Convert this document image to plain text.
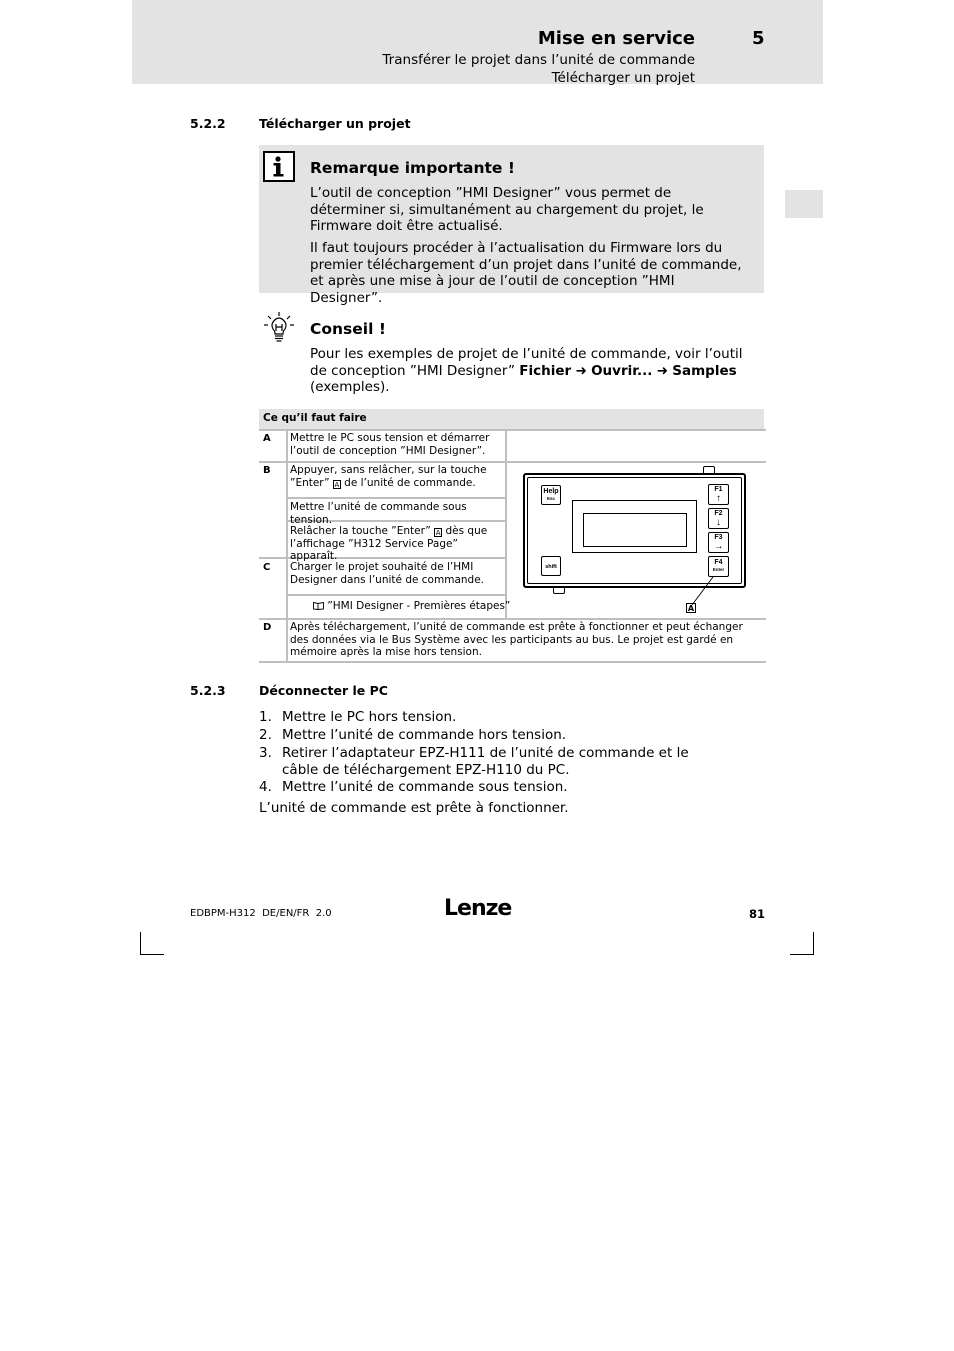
Mise en service	5
Transférer le projet dans l’unité de commande
Télécharger un projet
5.2.2	Télécharger un projet
Remarque importante !
L’outil de conception ”HMI Designer” vous permet de déterminer si, simultanément au chargement du projet, le Firmware doit être actualisé.
Il faut toujours procéder à l’actualisation du Firmware lors du premier téléchargement d’un projet dans l’unité de commande, et après une mise à jour de l’outil de conception ”HMI Designer”.
Conseil !
Pour les exemples de projet de l’unité de commande, voir l’outil de conception ”HMI Designer” Fichier ➜ Ouvrir... ➜ Samples (exemples).
Ce qu’il faut faire
A Mettre le PC sous tension et démarrer l’outil de conception ”HMI Designer”.
B Appuyer, sans relâcher, sur la touche ”Enter” A de l’unité de commande.
Mettre l’unité de commande sous tension.
Relâcher la touche ”Enter” A dès que l’affichage ”H312 Service Page” apparaît.
C Charger le projet souhaité de l’HMI Designer dans l’unité de commande.
”HMI Designer - Premières étapes”
D Après téléchargement, l’unité de commande est prête à fonctionner et peut échanger des données via le Bus Système avec les participants au bus. Le projet est gardé en mémoire après la mise hors tension.
Help
Esc
shift
F1
↑
F2
↓
F3
→
F4
Enter
A
5.2.3	Déconnecter le PC
1. Mettre le PC hors tension.
2. Mettre l’unité de commande hors tension.
3. Retirer l’adaptateur EPZ-H111 de l’unité de commande et le câble de téléchargement EPZ-H110 du PC.
4. Mettre l’unité de commande sous tension.
L’unité de commande est prête à fonctionner.
EDBPM-H312  DE/EN/FR  2.0	Lenze	81
